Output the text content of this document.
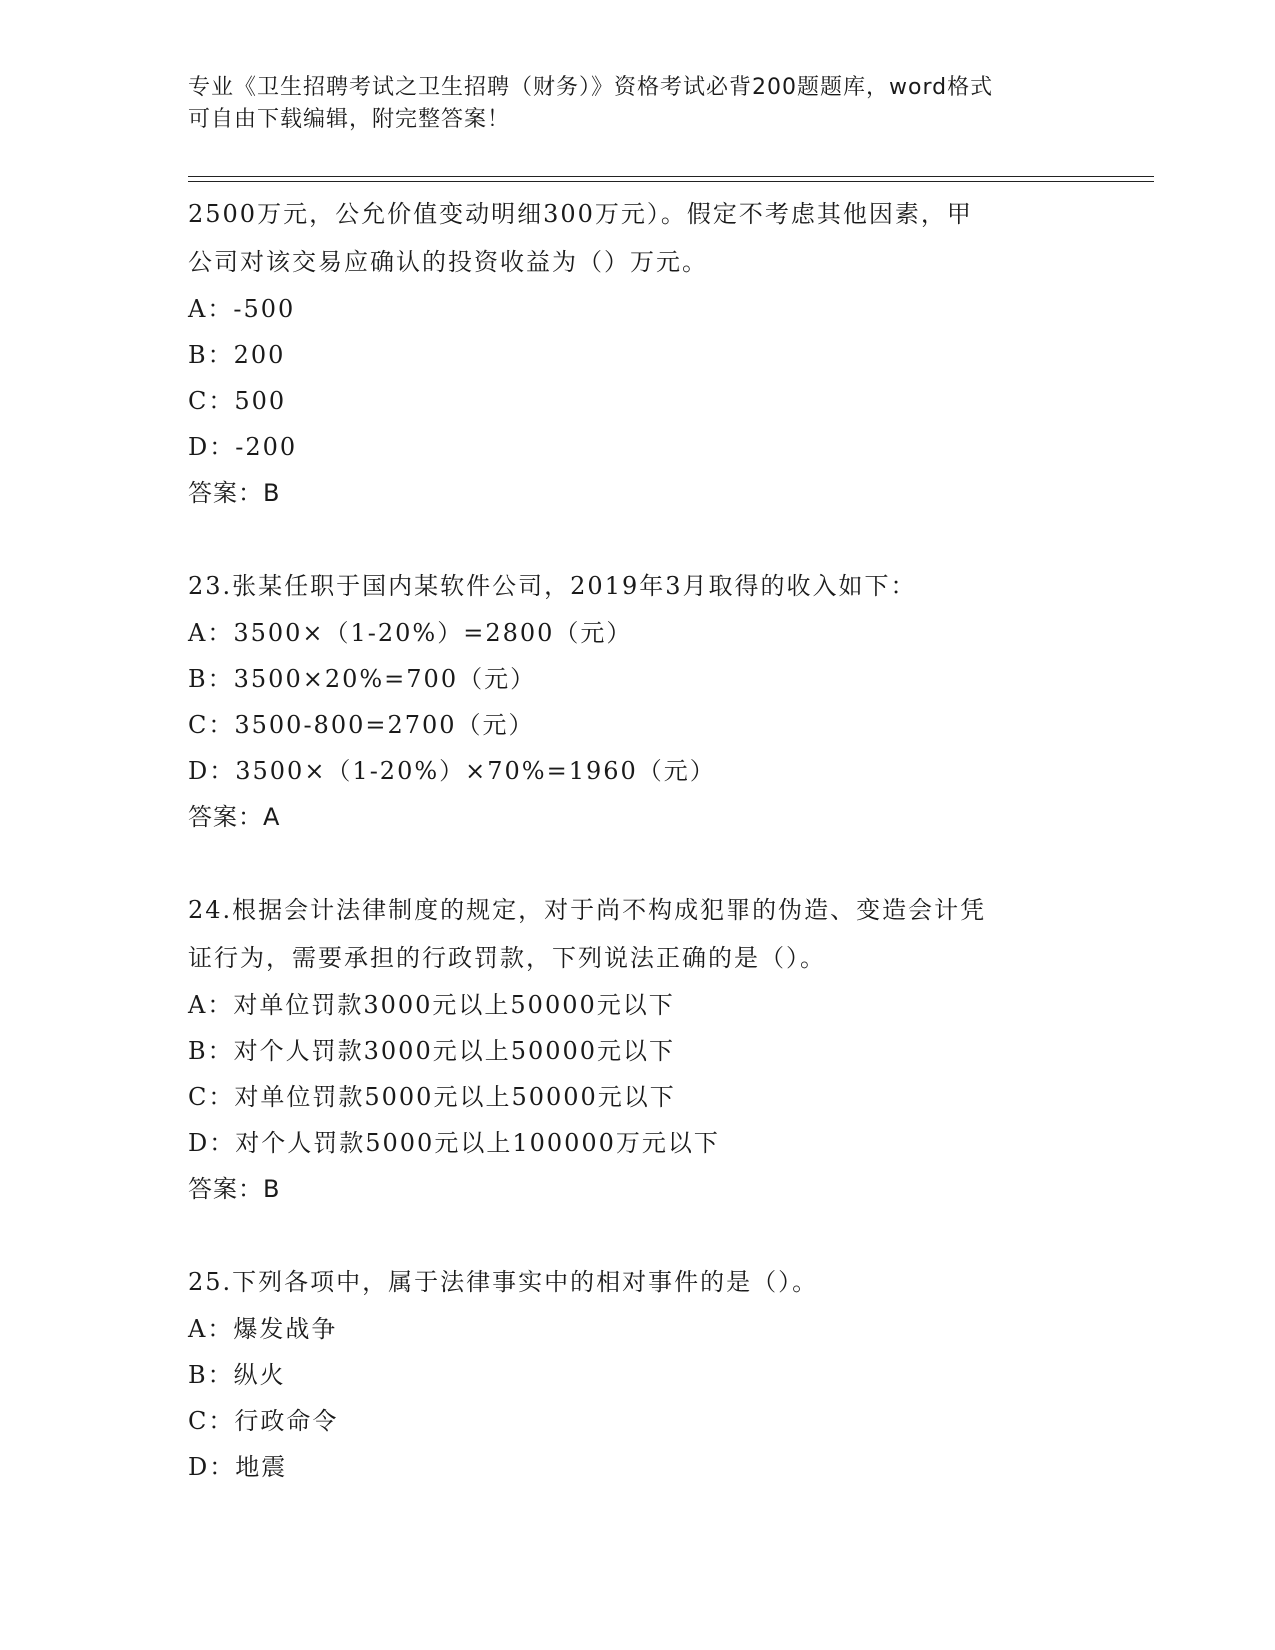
专业《卫生招聘考试之卫生招聘（财务）》资格考试必背200题题库，word格式
可自由下载编辑，附完整答案！
2500万元，公允价值变动明细300万元）。假定不考虑其他因素，甲
公司对该交易应确认的投资收益为（）万元。
A：-500
B：200
C：500
D：-200
答案：B
23.张某任职于国内某软件公司，2019年3月取得的收入如下：
A：3500×（1-20%）=2800（元）
B：3500×20%=700（元）
C：3500-800=2700（元）
D：3500×（1-20%）×70%=1960（元）
答案：A
24.根据会计法律制度的规定，对于尚不构成犯罪的伪造、变造会计凭
证行为，需要承担的行政罚款，下列说法正确的是（）。
A：对单位罚款3000元以上50000元以下
B：对个人罚款3000元以上50000元以下
C：对单位罚款5000元以上50000元以下
D：对个人罚款5000元以上100000万元以下
答案：B
25.下列各项中，属于法律事实中的相对事件的是（）。
A：爆发战争
B：纵火
C：行政命令
D：地震
